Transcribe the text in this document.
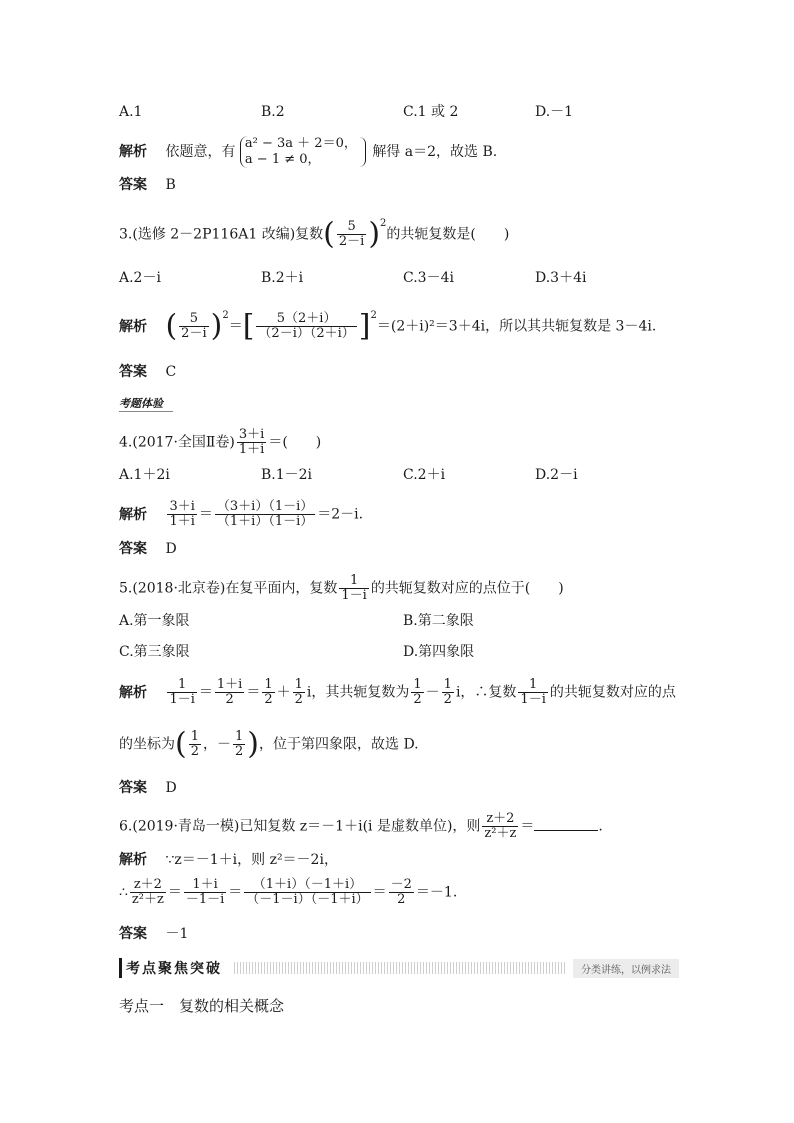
A.1	B.2	C.1 或 2	D.－1
解析 依题意，有
a² − 3a ＋ 2＝0，
a − 1 ≠ 0，	解得 a＝2，故选 B.
答案 B
3.(选修 2－2P116A1 改编)复数( $\frac{5}{2-i} )^2$的共轭复数是(　　)
A.2－i	B.2＋i	C.3－4i	D.3＋4i
解析 ( $\frac{5}{2-i} )^2=[ \frac{5(2+i)}{(2-i)(2+i)} ]^2=(2+i)^2=3+4i$，所以其共轭复数是 3－4i.
答案 C
考题体验
4.(2017·全国Ⅱ卷) $\frac{3+i}{1+i}$ ＝(　　)
A.1＋2i	B.1－2i	C.2＋i	D.2－i
解析 $\frac{3+i}{1+i} = \frac{(3+i)(1-i)}{(1+i)(1-i)} =2-i$.
答案 D
5.(2018·北京卷)在复平面内，复数 $\frac{1}{1-i}$ 的共轭复数对应的点位于(　　)
A.第一象限	B.第二象限
C.第三象限	D.第四象限
解析 $\frac{1}{1-i} = \frac{1+i}{2} = \frac{1}{2} + \frac{1}{2}$ i，其共轭复数为 $\frac{1}{2} - \frac{1}{2}$ i，∴复数 $\frac{1}{1-i}$ 的共轭复数对应的点
的坐标为( $\frac{1}{2}$ ，－ $\frac{1}{2}$ )，位于第四象限，故选 D.
答案 D
6.(2019·青岛一模)已知复数 z＝－1＋i(i 是虚数单位)，则 $\frac{z+2}{\text{z²＋z}}$ ＝	.
解析 ∵z＝－1＋i，则 z²＝－2i，
∴ $\frac{z+2}{\text{z²＋z}} = \frac{1+i}{-1-i} = \frac{(1+i)(-1+i)}{(-1-i)(-1+i)} = \frac{-2}{2} =-1$.
答案 －1
考点聚焦突破	分类讲练，以例求法
考点一　复数的相关概念
